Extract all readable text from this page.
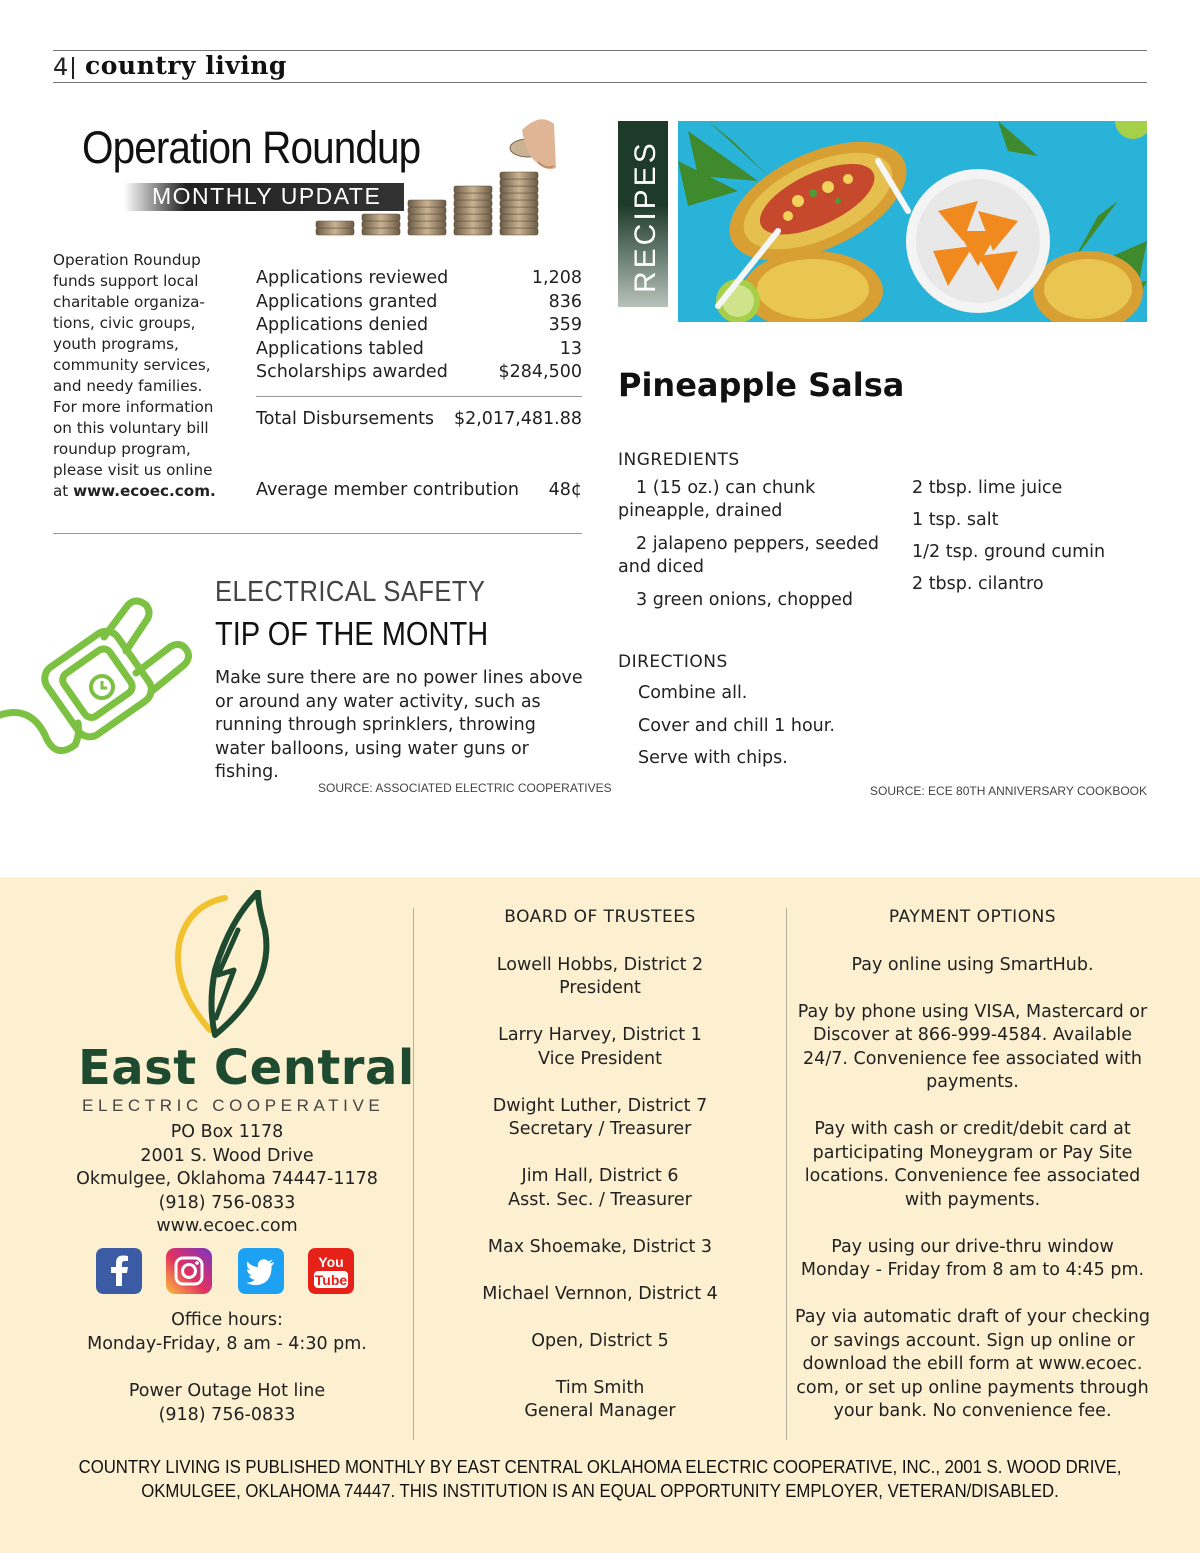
4 country living
Operation Roundup
MONTHLY UPDATE
Operation Roundup funds support local charitable organiza-tions, civic groups, youth programs, community services, and needy families. For more information on this voluntary bill roundup program, please visit us online at www.ecoec.com.
Applications reviewed	1,208
Applications granted	836
Applications denied	359
Applications tabled	13
Scholarships awarded	$284,500
Total Disbursements $2,017,481.88
Average member contribution 48¢
ELECTRICAL SAFETY
TIP OF THE MONTH
Make sure there are no power lines above or around any water activity, such as running through sprinklers, throwing water balloons, using water guns or fishing.
SOURCE: ASSOCIATED ELECTRIC COOPERATIVES
RECIPES
Pineapple Salsa
INGREDIENTS
1 (15 oz.) can chunk pineapple, drained
2 jalapeno peppers, seeded and diced
3 green onions, chopped
2 tbsp. lime juice
1 tsp. salt
1/2 tsp. ground cumin
2 tbsp. cilantro
DIRECTIONS
Combine all.
Cover and chill 1 hour.
Serve with chips.
SOURCE: ECE 80TH ANNIVERSARY COOKBOOK
East Central
ELECTRIC COOPERATIVE
PO Box 1178
2001 S. Wood Drive
Okmulgee, Oklahoma 74447-1178
(918) 756-0833
www.ecoec.com
You
Tube
Office hours:
Monday-Friday, 8 am - 4:30 pm.
Power Outage Hot line
(918) 756-0833
BOARD OF TRUSTEES
Lowell Hobbs, District 2
President
Larry Harvey, District 1
Vice President
Dwight Luther, District 7
Secretary / Treasurer
Jim Hall, District 6
Asst. Sec. / Treasurer
Max Shoemake, District 3
Michael Vernnon, District 4
Open, District 5
Tim Smith
General Manager
PAYMENT OPTIONS
Pay online using SmartHub.
Pay by phone using VISA, Mastercard or Discover at 866-999-4584. Available 24/7. Convenience fee associated with payments.
Pay with cash or credit/debit card at participating Moneygram or Pay Site locations. Convenience fee associated with payments.
Pay using our drive-thru window Monday - Friday from 8 am to 4:45 pm.
Pay via automatic draft of your checking or savings account. Sign up online or download the ebill form at www.ecoec. com, or set up online payments through your bank. No convenience fee.
COUNTRY LIVING IS PUBLISHED MONTHLY BY EAST CENTRAL OKLAHOMA ELECTRIC COOPERATIVE, INC., 2001 S. WOOD DRIVE, OKMULGEE, OKLAHOMA 74447. THIS INSTITUTION IS AN EQUAL OPPORTUNITY EMPLOYER, VETERAN/DISABLED.
